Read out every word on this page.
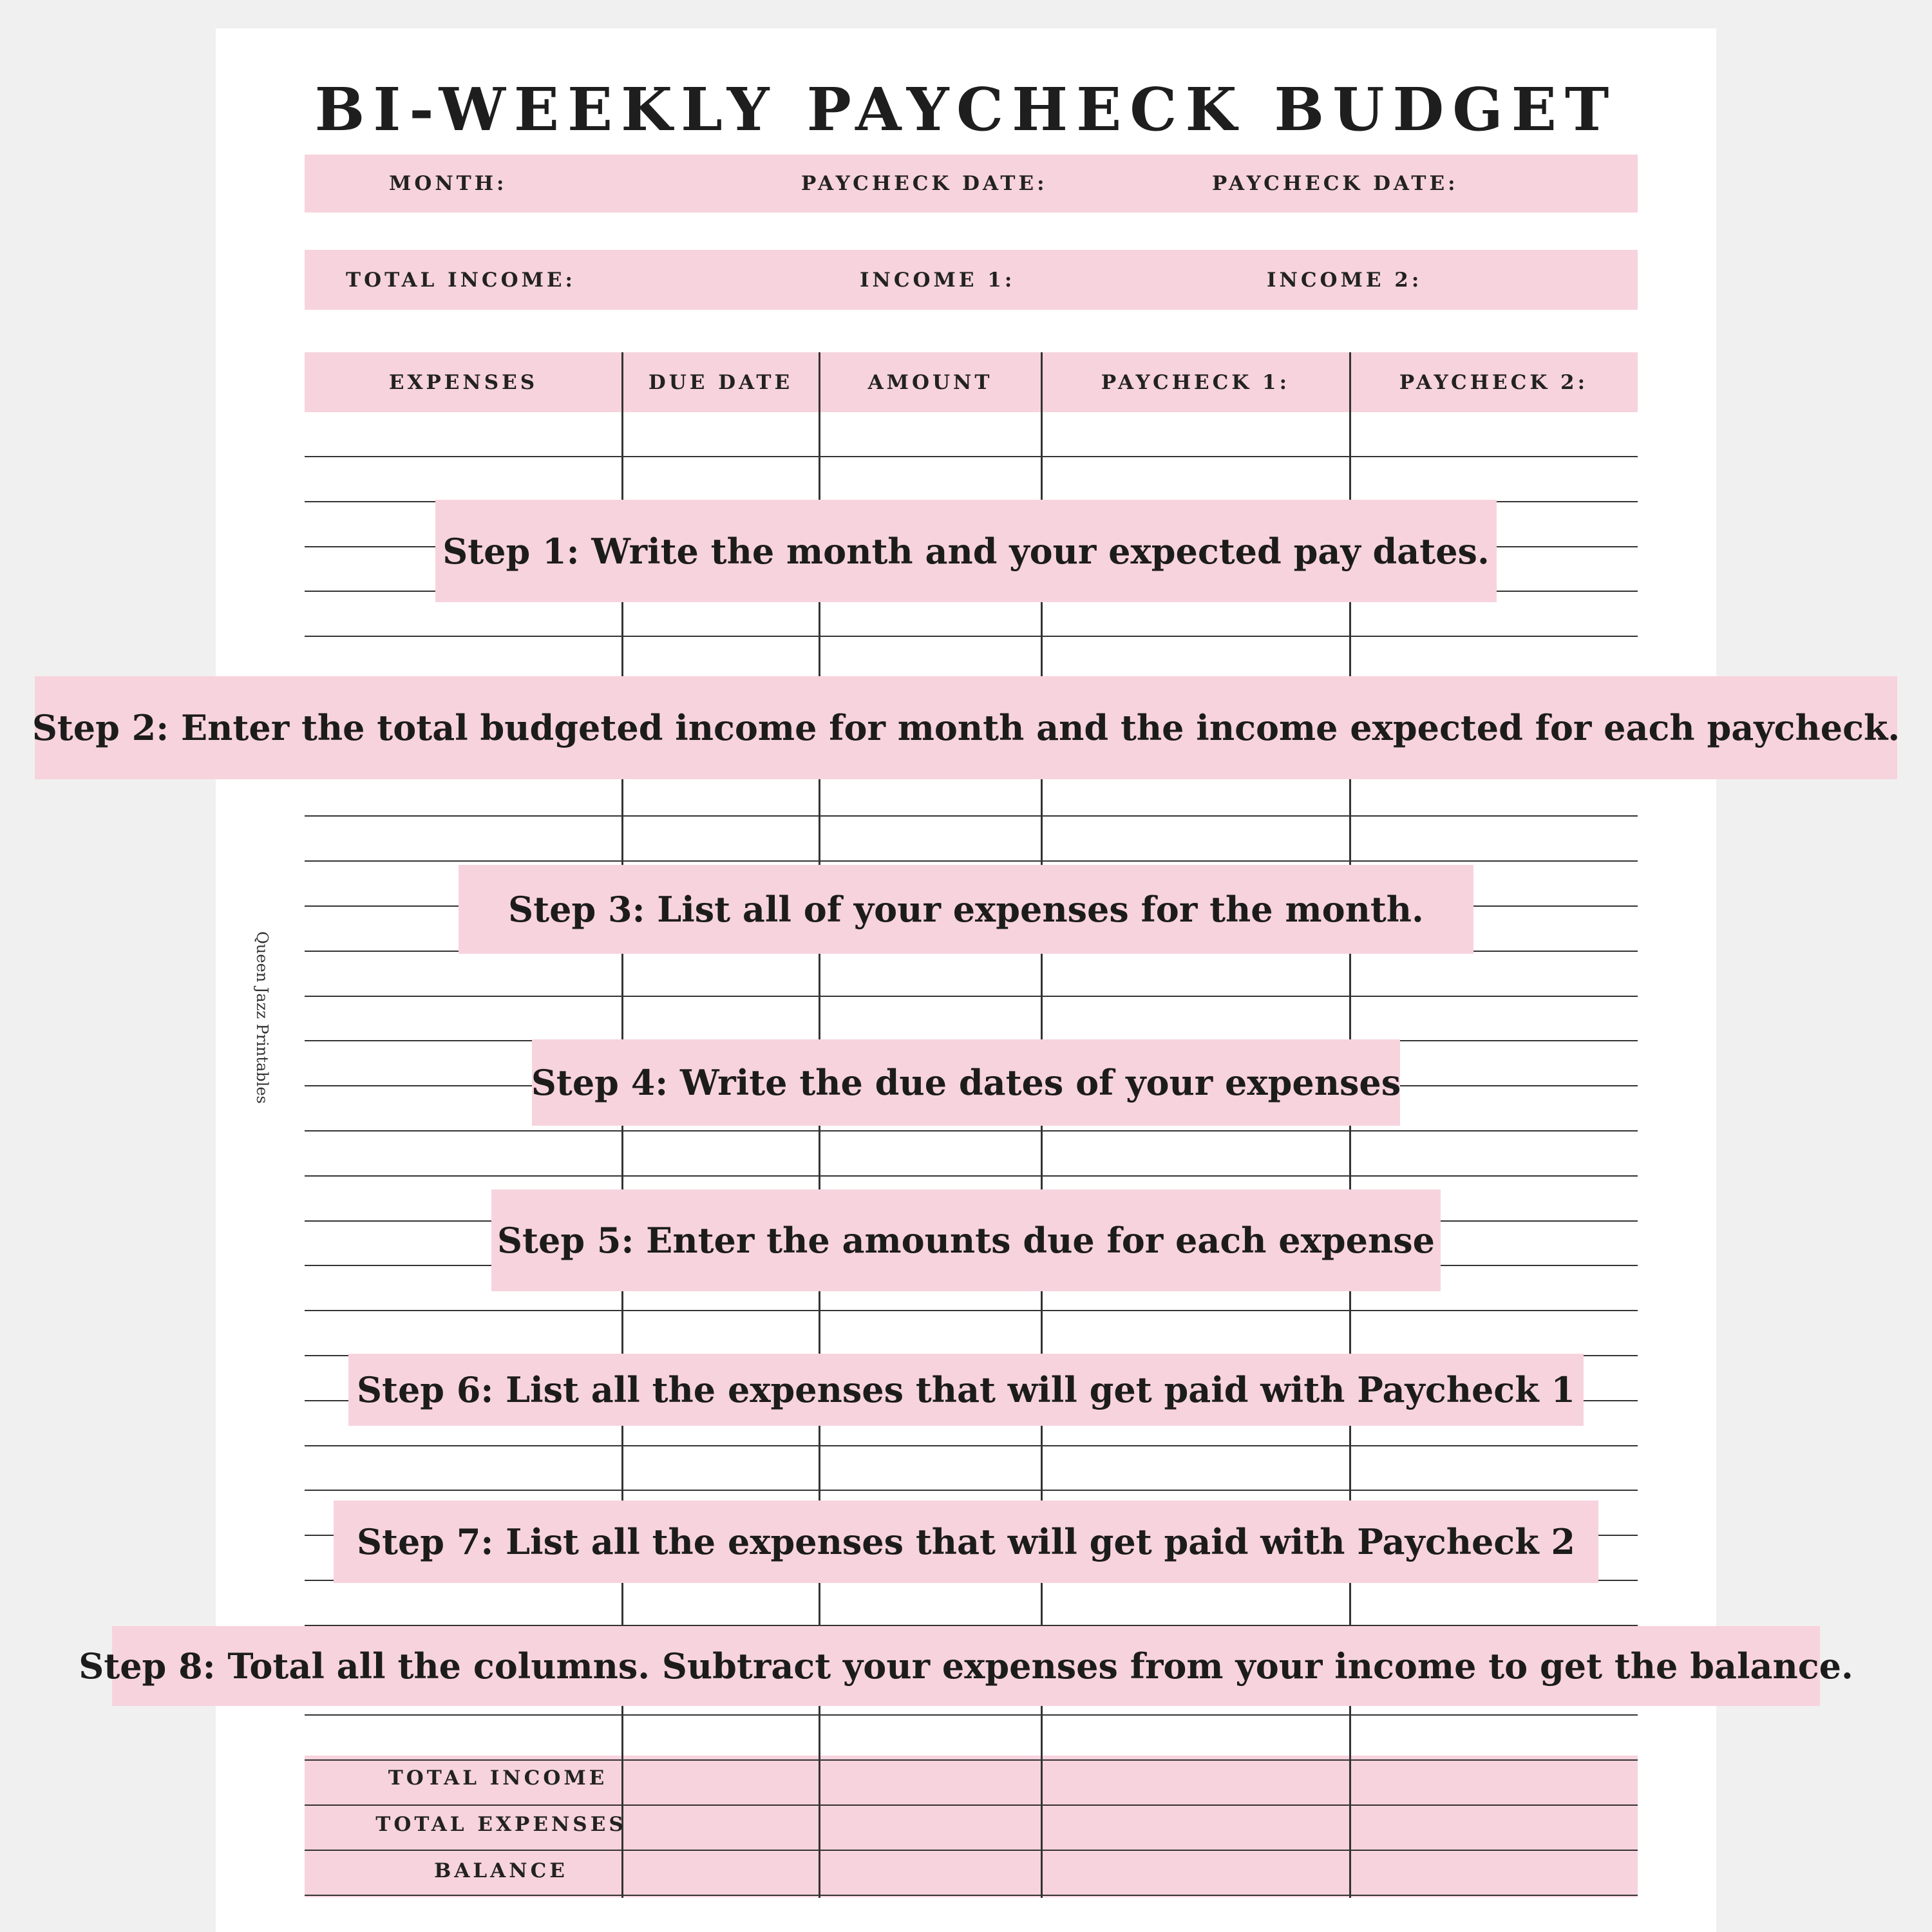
BI-WEEKLY PAYCHECK BUDGET
MONTH:	PAYCHECK DATE:	PAYCHECK DATE:
TOTAL INCOME:	INCOME 1:	INCOME 2:
EXPENSES	DUE DATE	AMOUNT	PAYCHECK 1:	PAYCHECK 2:
TOTAL INCOME
TOTAL EXPENSES
BALANCE
Step 1: Write the month and your expected pay dates.
Step 2: Enter the total budgeted income for month and the income expected for each paycheck.
Step 3: List all of your expenses for the month.
Step 4: Write the due dates of your expenses
Step 5: Enter the amounts due for each expense
Step 6: List all the expenses that will get paid with Paycheck 1
Step 7: List all the expenses that will get paid with Paycheck 2
Step 8: Total all the columns. Subtract your expenses from your income to get the balance.
Queen Jazz Printables
